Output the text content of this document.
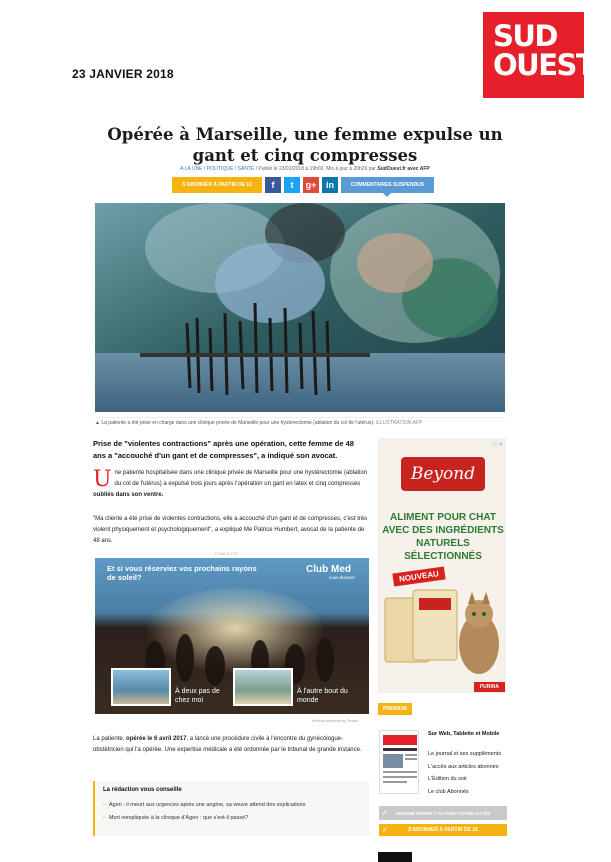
23 JANVIER 2018
SUD
OUEST
Opérée à Marseille, une femme expulse un gant et cinq compresses
A LA UNE / POLITIQUE / SANTÉ / Publié le 23/01/2018 à 19h02. Mis à jour à 20h26 par SudOuest.fr avec AFP
S'ABONNER À PARTIR DE 1€	f	t	g+	in	COMMENTAIRES SUSPENDUS
▲ La patiente a été prise en charge dans une clinique privée de Marseille pour une hystérectomie (ablation du col de l'utérus). ILLUSTRATION AFP

Prise de "violentes contractions" après une opération, cette femme de 48 ans a "accouché d'un gant et de compresses", a indiqué son avocat.

U ne patiente hospitalisée dans une clinique privée de Marseille pour une hystérectomie (ablation du col de l'utérus) a expulsé trois jours après l'opération un gant en latex et cinq compresses oubliés dans son ventre.

"Ma cliente a été prise de violentes contractions, elle a accouché d'un gant et de compresses, c'est très violent physiquement et psychologiquement", a expliqué Me Patrice Humbert, avocat de la patiente de 48 ans.

PUBLICITÉ
Et si vous réserviez vos prochains rayons de soleil?
Club Med
vous étonner
À deux pas de chez moi
À l'autre bout du monde
inRead invented by Teads

La patiente, opérée le 6 avril 2017, a lancé une procédure civile à l'encontre du gynécologue-obstétricien qui l'a opérée. Une expertise médicale a été ordonnée par le tribunal de grande instance.

La rédaction vous conseille
› Agen : il meurt aux urgences après une angine, sa veuve attend des explications
› Mort inexpliquée à la clinique d'Agen : que s'est-il passé?
ⓘ ✕
Beyond
ALIMENT POUR CHAT AVEC DES INGRÉDIENTS NATURELS SÉLECTIONNÉS
NOUVEAU
PURINA
PREMIUM
Sur Web, Tablette et Mobile
Le journal et ses suppléments
L'accès aux articles abonnés
L'Édition du soir
Le club Abonnés
✓ ABONNÉ PAPIER ? ACTIVEZ VOTRE ACCÈS
✓	S'ABONNER À PARTIR DE 1€
